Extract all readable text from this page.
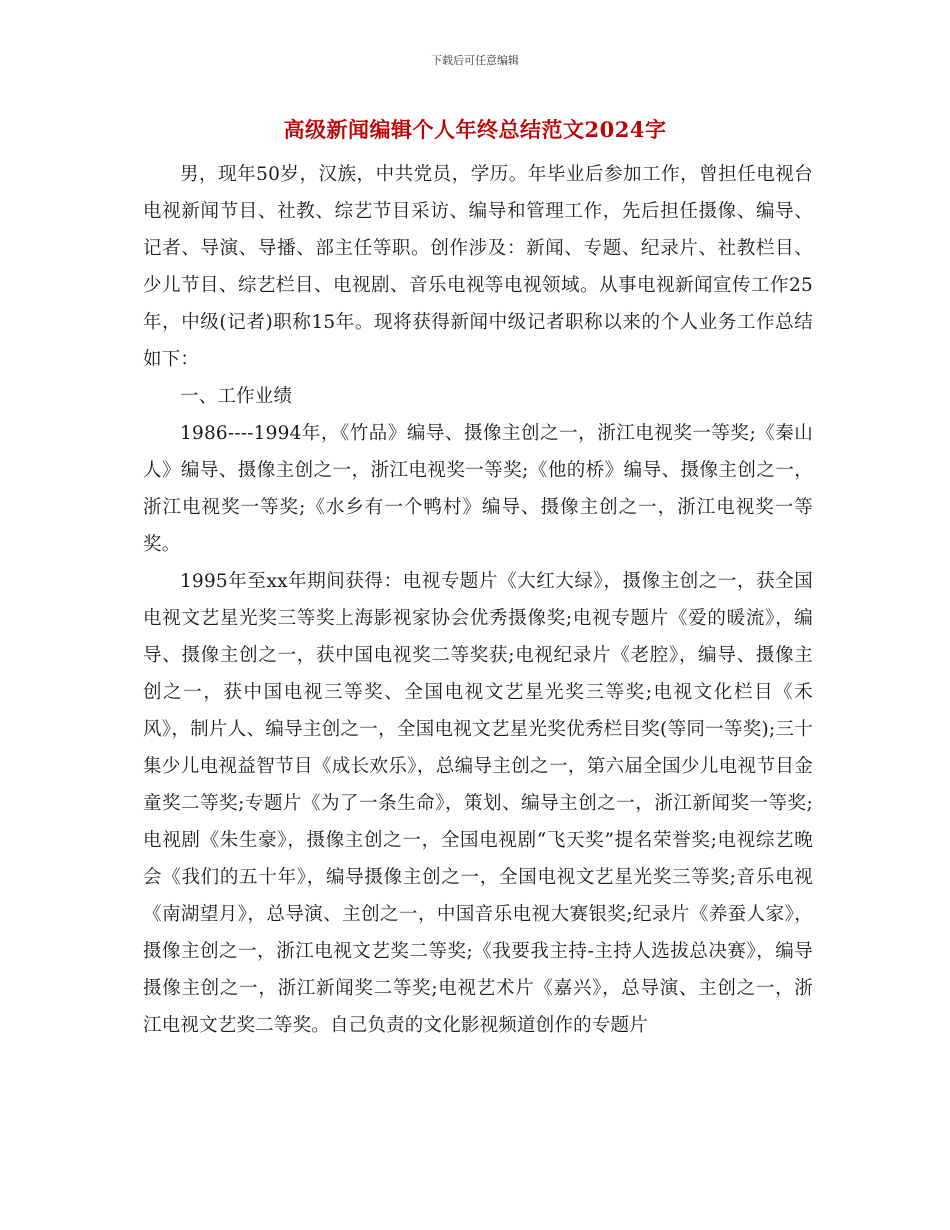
下载后可任意编辑
高级新闻编辑个人年终总结范文2024字

男，现年50岁，汉族，中共党员，学历。年毕业后参加工作，曾担任电视台电视新闻节目、社教、综艺节目采访、编导和管理工作，先后担任摄像、编导、记者、导演、导播、部主任等职。创作涉及：新闻、专题、纪录片、社教栏目、少儿节目、综艺栏目、电视剧、音乐电视等电视领域。从事电视新闻宣传工作25年，中级(记者)职称15年。现将获得新闻中级记者职称以来的个人业务工作总结如下：

一、工作业绩

1986----1994年，《竹品》编导、摄像主创之一，浙江电视奖一等奖;《秦山人》编导、摄像主创之一，浙江电视奖一等奖;《他的桥》编导、摄像主创之一，浙江电视奖一等奖;《水乡有一个鸭村》编导、摄像主创之一，浙江电视奖一等奖。

1995年至xx年期间获得：电视专题片《大红大绿》，摄像主创之一，获全国电视文艺星光奖三等奖上海影视家协会优秀摄像奖;电视专题片《爱的暖流》，编导、摄像主创之一，获中国电视奖二等奖获;电视纪录片《老腔》，编导、摄像主创之一，获中国电视三等奖、全国电视文艺星光奖三等奖;电视文化栏目《禾风》，制片人、编导主创之一，全国电视文艺星光奖优秀栏目奖(等同一等奖);三十集少儿电视益智节目《成长欢乐》，总编导主创之一，第六届全国少儿电视节目金童奖二等奖;专题片《为了一条生命》，策划、编导主创之一，浙江新闻奖一等奖;电视剧《朱生豪》，摄像主创之一，全国电视剧“飞天奖”提名荣誉奖;电视综艺晚会《我们的五十年》，编导摄像主创之一，全国电视文艺星光奖三等奖;音乐电视《南湖望月》，总导演、主创之一，中国音乐电视大赛银奖;纪录片《养蚕人家》，摄像主创之一，浙江电视文艺奖二等奖;《我要我主持-主持人选拔总决赛》，编导摄像主创之一，浙江新闻奖二等奖;电视艺术片《嘉兴》，总导演、主创之一，浙江电视文艺奖二等奖。自己负责的文化影视频道创作的专题片
